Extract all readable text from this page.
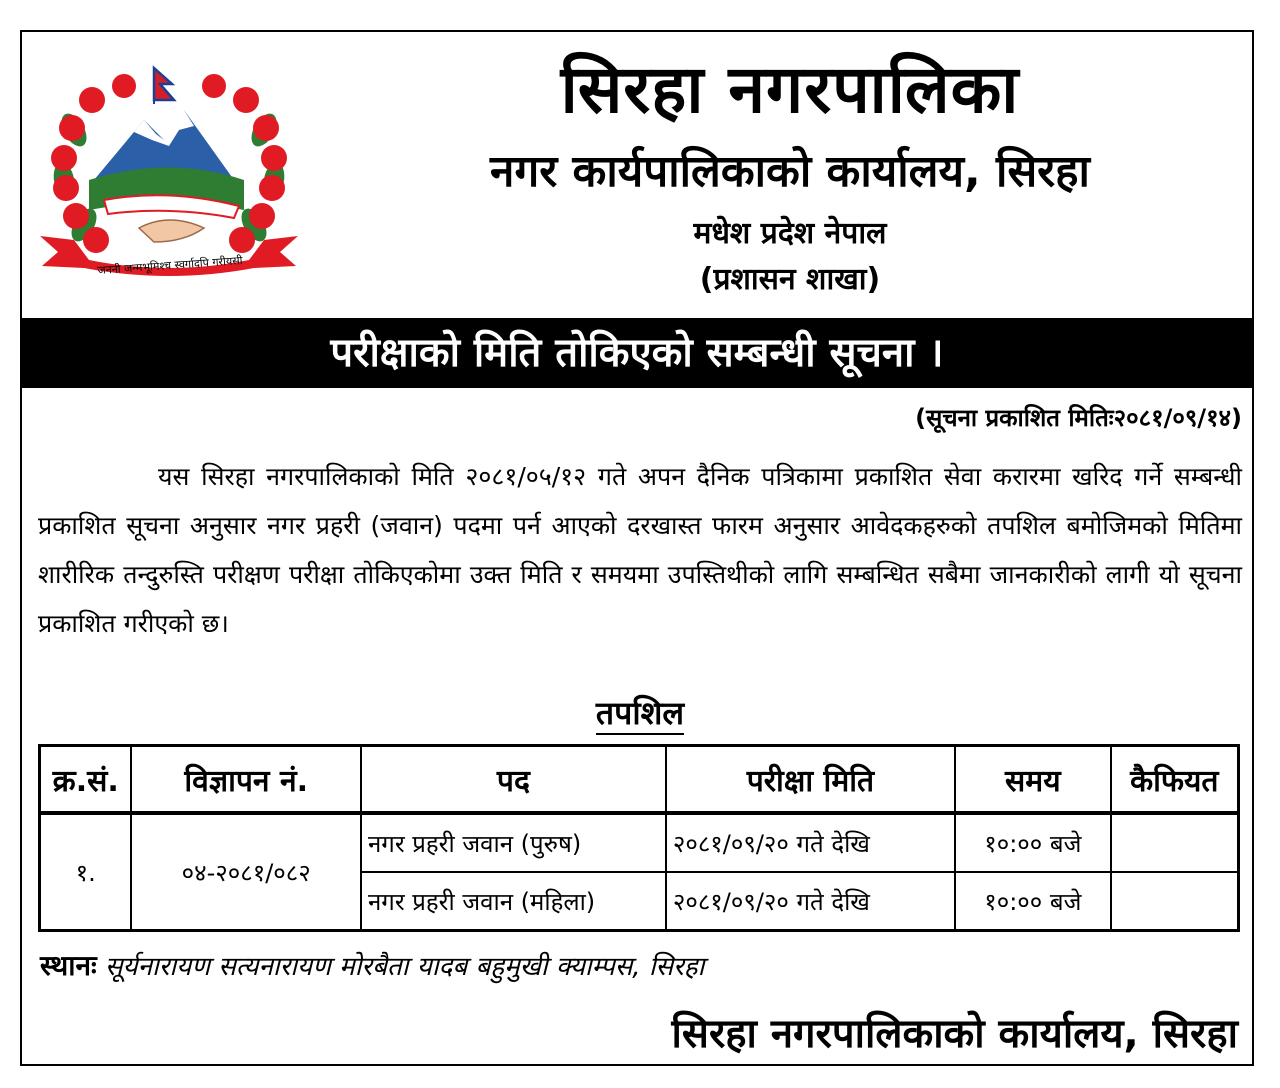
जननी जन्मभूमिश्च स्वर्गादपि गरीयसी
सिरहा नगरपालिका
नगर कार्यपालिकाको कार्यालय, सिरहा
मधेश प्रदेश नेपाल
(प्रशासन शाखा)
परीक्षाको मिति तोकिएको सम्बन्धी सूचना ।
(सूचना प्रकाशित मितिः२०८१/०९/१४)
यस सिरहा नगरपालिकाको मिति २०८१/०५/१२ गते अपन दैनिक पत्रिकामा प्रकाशित सेवा करारमा खरिद गर्ने सम्बन्धी प्रकाशित सूचना अनुसार नगर प्रहरी (जवान) पदमा पर्न आएको दरखास्त फारम अनुसार आवेदकहरुको तपशिल बमोजिमको मितिमा शारीरिक तन्दुरुस्ति परीक्षण परीक्षा तोकिएकोमा उक्त मिति र समयमा उपस्तिथीको लागि सम्बन्धित सबैमा जानकारीको लागी यो सूचना प्रकाशित गरीएको छ।
तपशिल
क्र.सं.	विज्ञापन नं.	पद	परीक्षा मिति	समय	कैफियत
१.	०४-२०८१/०८२	नगर प्रहरी जवान (पुरुष)	२०८१/०९/२० गते देखि	१०:०० बजे	
		नगर प्रहरी जवान (महिला)	२०८१/०९/२० गते देखि	१०:०० बजे	
स्थानः सूर्यनारायण सत्यनारायण मोरबैता यादब बहुमुखी क्याम्पस, सिरहा
सिरहा नगरपालिकाको कार्यालय, सिरहा
